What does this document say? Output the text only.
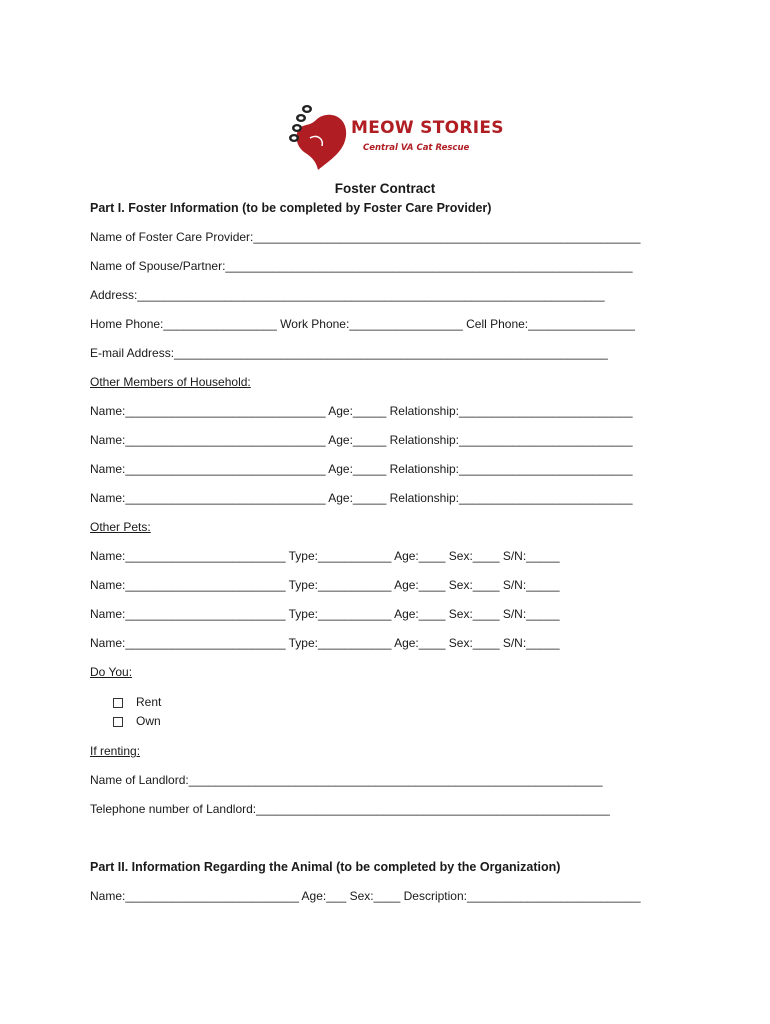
MEOW STORIES
Central VA Cat Rescue
Foster Contract
Part I. Foster Information (to be completed by Foster Care Provider)
Name of Foster Care Provider:__________________________________________________________
Name of Spouse/Partner:_____________________________________________________________
Address:______________________________________________________________________
Home Phone:_________________ Work Phone:_________________ Cell Phone:________________
E-mail Address:_________________________________________________________________
Other Members of Household:
Name:______________________________ Age:_____ Relationship:__________________________
Name:______________________________ Age:_____ Relationship:__________________________
Name:______________________________ Age:_____ Relationship:__________________________
Name:______________________________ Age:_____ Relationship:__________________________
Other Pets:
Name:________________________ Type:___________ Age:____ Sex:____ S/N:_____
Name:________________________ Type:___________ Age:____ Sex:____ S/N:_____
Name:________________________ Type:___________ Age:____ Sex:____ S/N:_____
Name:________________________ Type:___________ Age:____ Sex:____ S/N:_____
Do You:
Rent
Own
If renting:
Name of Landlord:______________________________________________________________
Telephone number of Landlord:_____________________________________________________
Part II. Information Regarding the Animal (to be completed by the Organization)
Name:__________________________ Age:___ Sex:____ Description:__________________________
